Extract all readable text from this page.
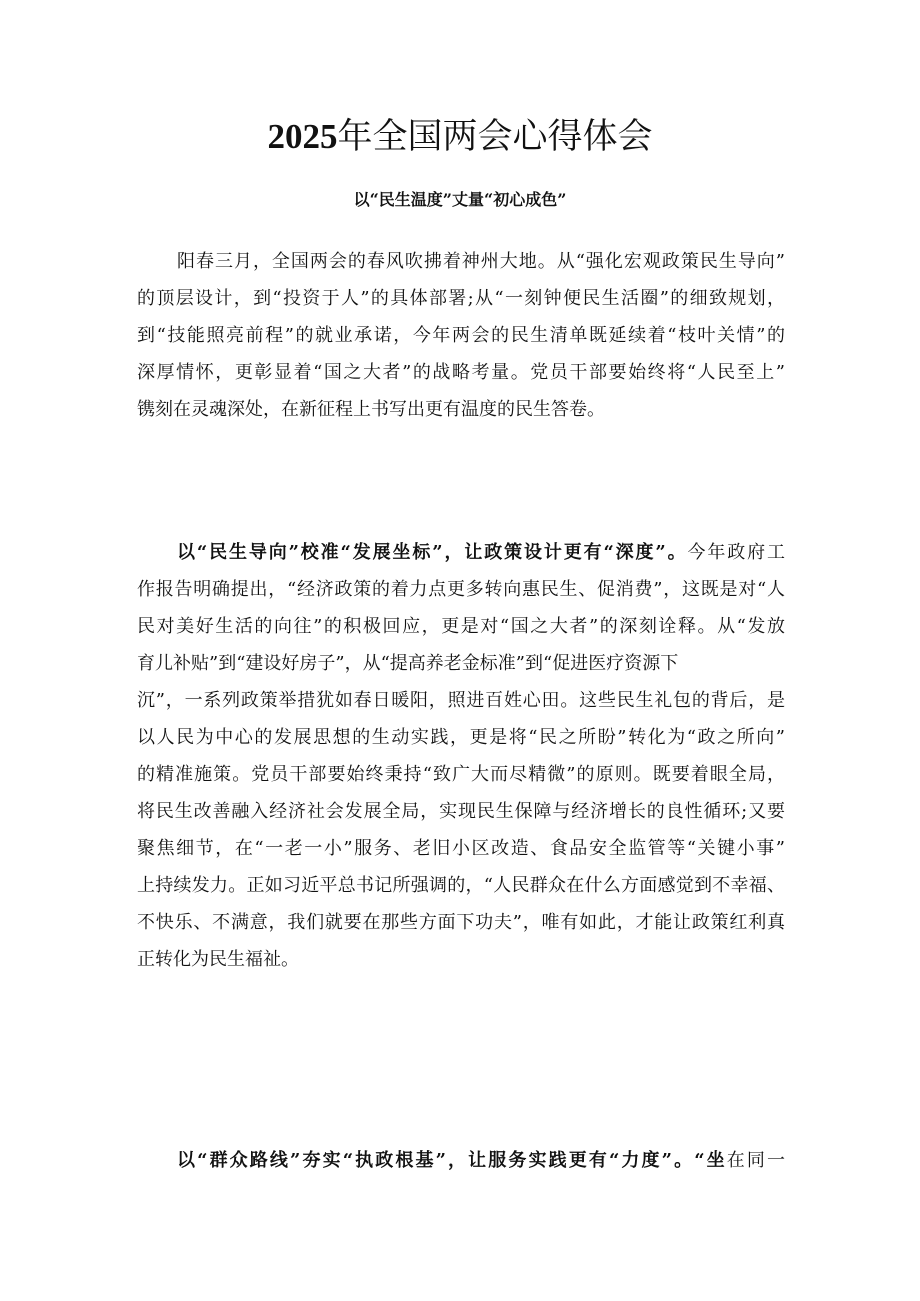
2025年全国两会心得体会

以“民生温度”丈量“初心成色”

阳春三月，全国两会的春风吹拂着神州大地。从“强化宏观政策民生导向”
的顶层设计，到“投资于人”的具体部署;从“一刻钟便民生活圈”的细致规划，
到“技能照亮前程”的就业承诺，今年两会的民生清单既延续着“枝叶关情”的
深厚情怀，更彰显着“国之大者”的战略考量。党员干部要始终将“人民至上”
镌刻在灵魂深处，在新征程上书写出更有温度的民生答卷。
以“民生导向”校准“发展坐标”，让政策设计更有“深度”。今年政府工
作报告明确提出，“经济政策的着力点更多转向惠民生、促消费”，这既是对“人
民对美好生活的向往”的积极回应，更是对“国之大者”的深刻诠释。从“发放
育儿补贴”到“建设好房子”，从“提高养老金标准”到“促进医疗资源下
沉”，一系列政策举措犹如春日暖阳，照进百姓心田。这些民生礼包的背后，是
以人民为中心的发展思想的生动实践，更是将“民之所盼”转化为“政之所向”
的精准施策。党员干部要始终秉持“致广大而尽精微”的原则。既要着眼全局，
将民生改善融入经济社会发展全局，实现民生保障与经济增长的良性循环;又要
聚焦细节，在“一老一小”服务、老旧小区改造、食品安全监管等“关键小事”
上持续发力。正如习近平总书记所强调的，“人民群众在什么方面感觉到不幸福、
不快乐、不满意，我们就要在那些方面下功夫”，唯有如此，才能让政策红利真
正转化为民生福祉。
以“群众路线”夯实“执政根基”，让服务实践更有“力度”。“坐在同一
